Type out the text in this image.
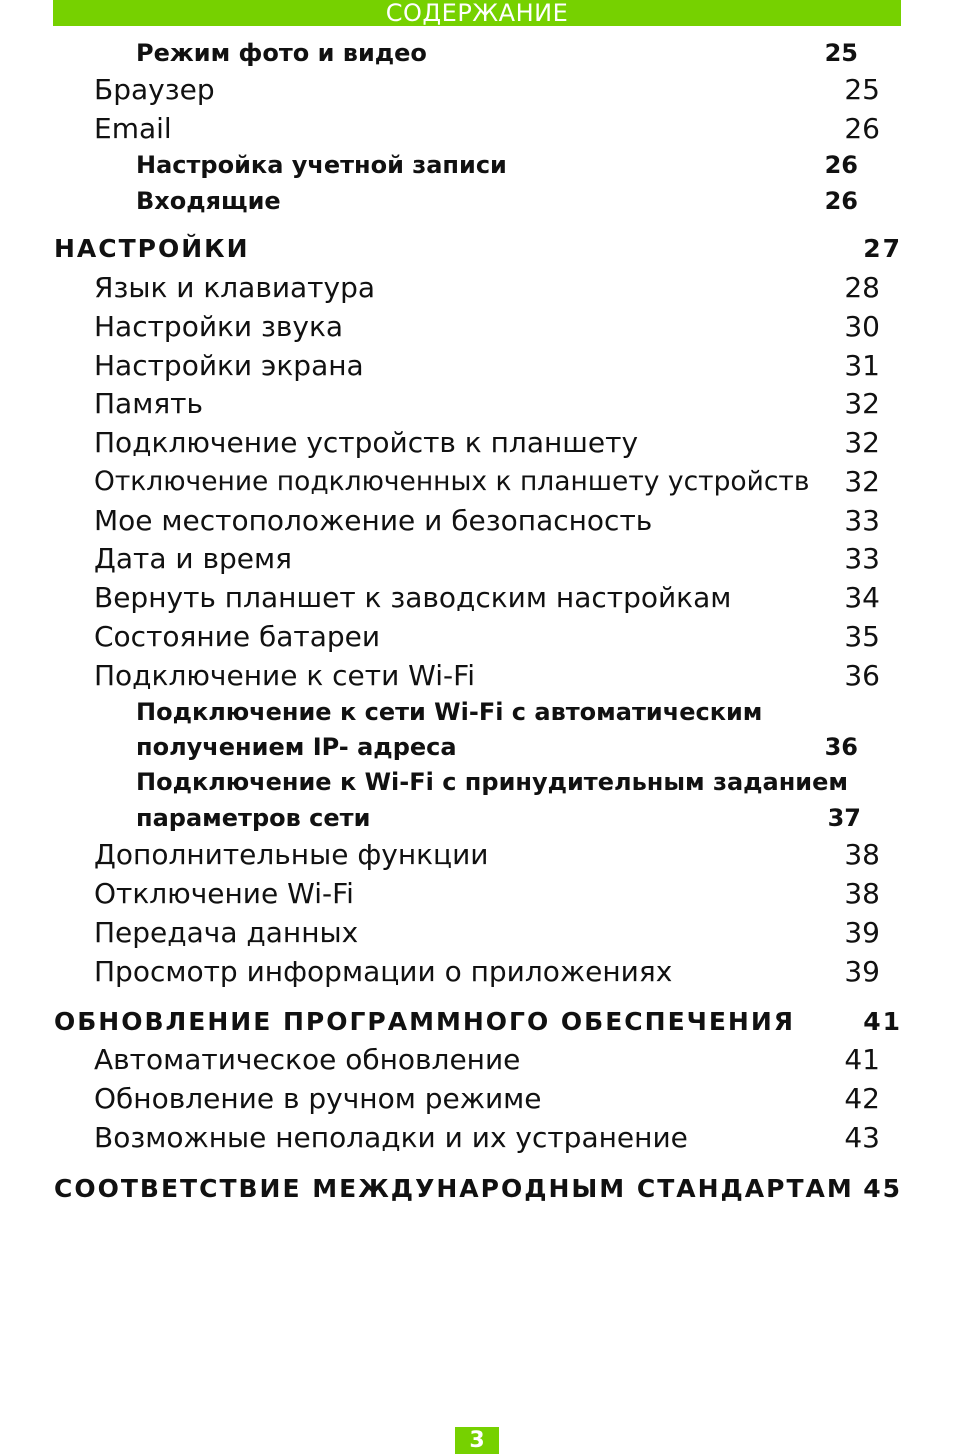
СОДЕРЖАНИЕ
Режим фото и видео	25
Браузер	25
Email	26
Настройка учетной записи	26
Входящие	26
НАСТРОЙКИ	27
Язык и клавиатура	28
Настройки звука	30
Настройки экрана	31
Память	32
Подключение устройств к планшету	32
Отключение подключенных к планшету устройств 32
Мое местоположение и безопасность	33
Дата и время	33
Вернуть планшет к заводским настройкам	34
Состояние батареи	35
Подключение к сети Wi-Fi	36
Подключение к сети Wi-Fi с автоматическим
получением IP- адреса	36
Подключение к Wi-Fi с принудительным заданием
параметров сети	37
Дополнительные функции	38
Отключение Wi-Fi	38
Передача данных	39
Просмотр информации о приложениях	39
ОБНОВЛЕНИЕ ПРОГРАММНОГО ОБЕСПЕЧЕНИЯ	41
Автоматическое обновление	41
Обновление в ручном режиме	42
Возможные неполадки и их устранение	43
СООТВЕТСТВИЕ МЕЖДУНАРОДНЫМ СТАНДАРТАМ 45
3
